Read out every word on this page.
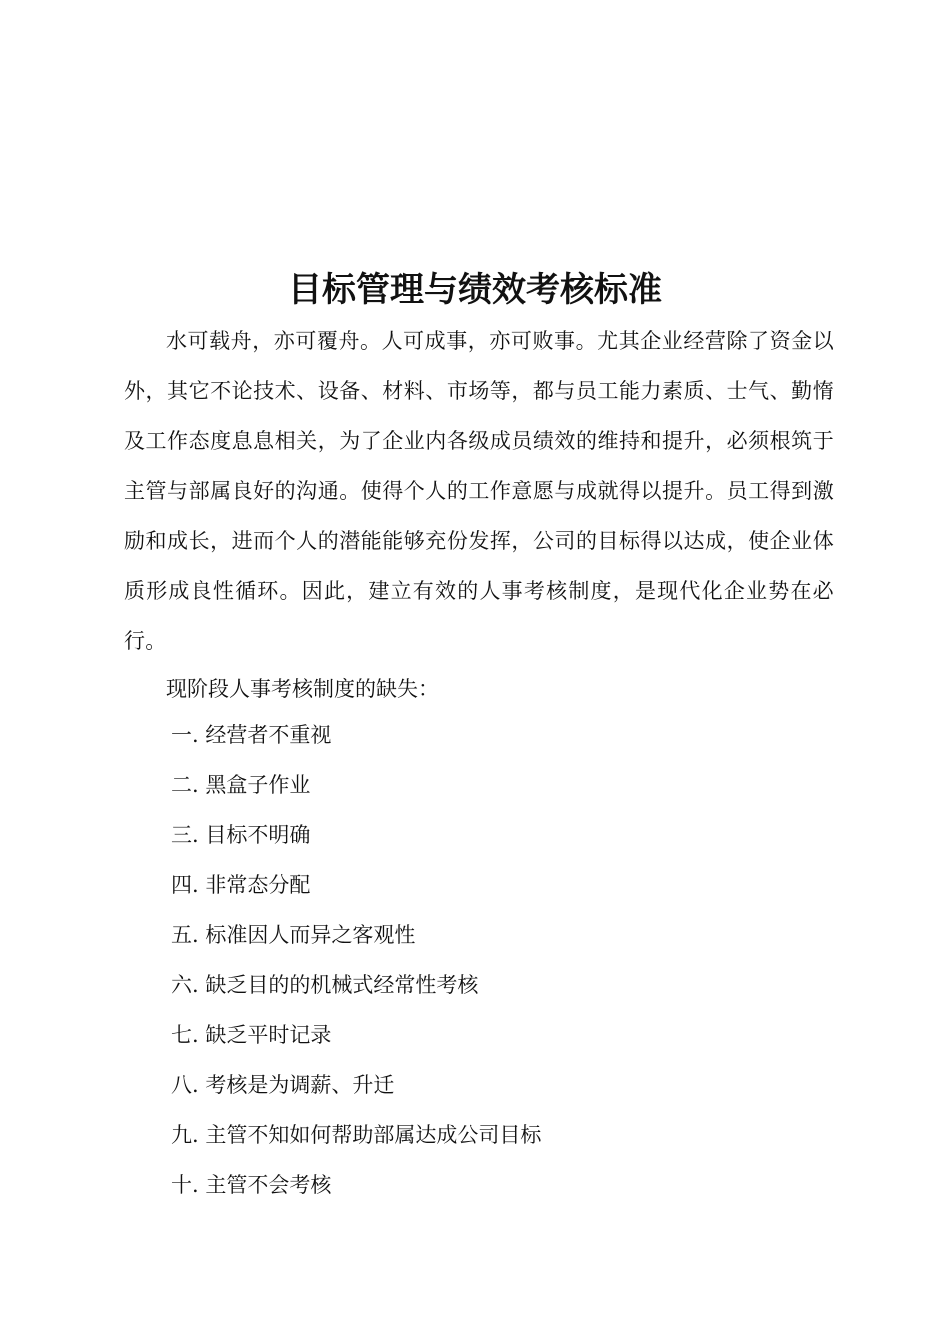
目标管理与绩效考核标准

水可载舟，亦可覆舟。人可成事，亦可败事。尤其企业经营除了资金以外，其它不论技术、设备、材料、市场等，都与员工能力素质、士气、勤惰及工作态度息息相关，为了企业内各级成员绩效的维持和提升，必须根筑于主管与部属良好的沟通。使得个人的工作意愿与成就得以提升。员工得到激励和成长，进而个人的潜能能够充份发挥，公司的目标得以达成，使企业体质形成良性循环。因此，建立有效的人事考核制度，是现代化企业势在必行。

现阶段人事考核制度的缺失：
一. 经营者不重视
二. 黑盒子作业
三. 目标不明确
四. 非常态分配
五. 标准因人而异之客观性
六. 缺乏目的的机械式经常性考核
七. 缺乏平时记录
八. 考核是为调薪、升迁
九. 主管不知如何帮助部属达成公司目标
十. 主管不会考核
